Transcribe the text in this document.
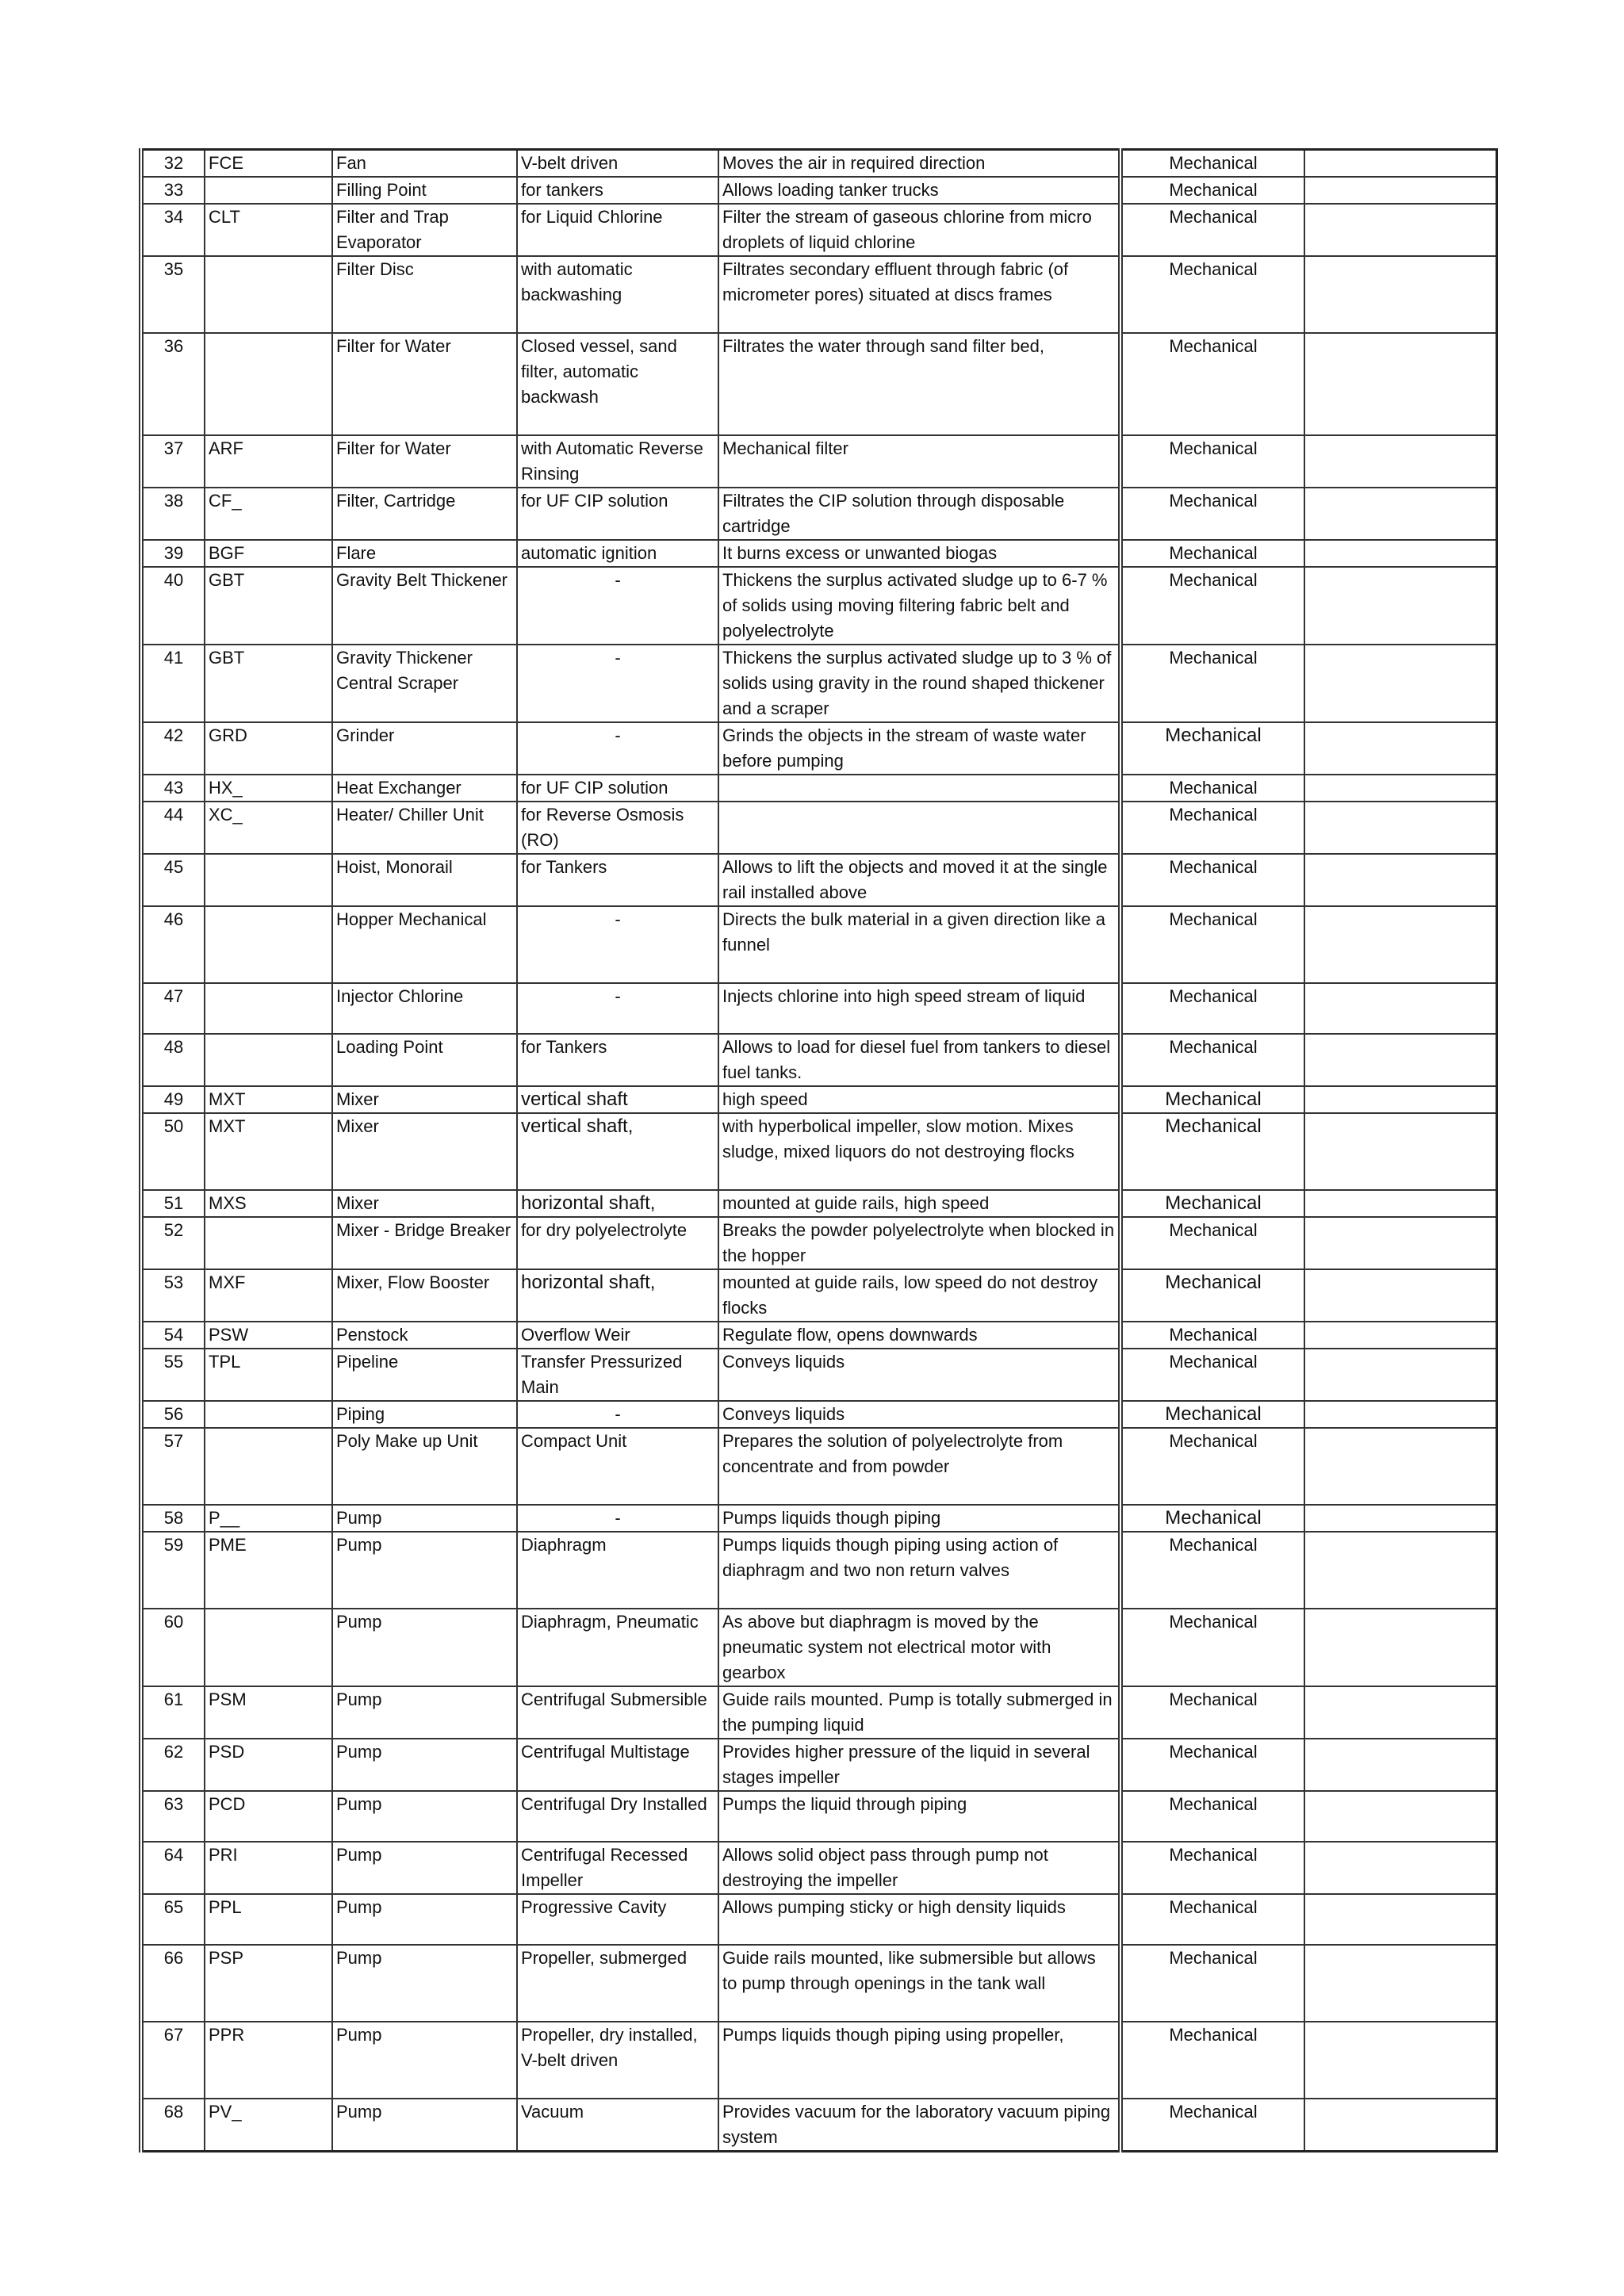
32	FCE	Fan	V-belt driven	Moves the air in required direction	Mechanical	
33		Filling Point	for tankers	Allows loading tanker trucks	Mechanical	
34	CLT	Filter and Trap Evaporator	for Liquid Chlorine	Filter the stream of gaseous chlorine from micro droplets of liquid chlorine	Mechanical	
35		Filter Disc	with automatic backwashing	Filtrates secondary effluent through fabric (of micrometer pores) situated at discs frames	Mechanical	
36		Filter for Water	Closed vessel, sand filter, automatic backwash	Filtrates the water through sand filter bed,	Mechanical	
37	ARF	Filter for Water	with Automatic Reverse Rinsing	Mechanical filter	Mechanical	
38	CF_	Filter, Cartridge	for UF CIP solution	Filtrates the CIP solution through disposable cartridge	Mechanical	
39	BGF	Flare	automatic ignition	It burns excess or unwanted biogas	Mechanical	
40	GBT	Gravity Belt Thickener	-	Thickens the surplus activated sludge up to 6-7 % of solids using moving filtering fabric belt and polyelectrolyte	Mechanical	
41	GBT	Gravity Thickener Central Scraper	-	Thickens the surplus activated sludge up to 3 % of solids using gravity in the round shaped thickener and a scraper	Mechanical	
42	GRD	Grinder	-	Grinds the objects in the stream of waste water before pumping	Mechanical	
43	HX_	Heat Exchanger	for UF CIP solution		Mechanical	
44	XC_	Heater/ Chiller Unit	for Reverse Osmosis (RO)		Mechanical	
45		Hoist, Monorail	for Tankers	Allows to lift the objects and moved it at the single rail installed above	Mechanical	
46		Hopper Mechanical	-	Directs the bulk material in a given direction like a funnel	Mechanical	
47		Injector Chlorine	-	Injects chlorine into high speed stream of liquid	Mechanical	
48		Loading Point	for Tankers	Allows to load for diesel fuel from tankers to diesel fuel tanks.	Mechanical	
49	MXT	Mixer	vertical shaft	high speed	Mechanical	
50	MXT	Mixer	vertical shaft,	with hyperbolical impeller, slow motion. Mixes sludge, mixed liquors do not destroying flocks	Mechanical	
51	MXS	Mixer	horizontal shaft,	mounted at guide rails, high speed	Mechanical	
52		Mixer - Bridge Breaker	for dry polyelectrolyte	Breaks the powder polyelectrolyte when blocked in the hopper	Mechanical	
53	MXF	Mixer, Flow Booster	horizontal shaft,	mounted at guide rails, low speed do not destroy flocks	Mechanical	
54	PSW	Penstock	Overflow Weir	Regulate flow, opens downwards	Mechanical	
55	TPL	Pipeline	Transfer Pressurized Main	Conveys liquids	Mechanical	
56		Piping	-	Conveys liquids	Mechanical	
57		Poly Make up Unit	Compact Unit	Prepares the solution of polyelectrolyte from concentrate and from powder	Mechanical	
58	P__	Pump	-	Pumps liquids though piping	Mechanical	
59	PME	Pump	Diaphragm	Pumps liquids though piping using action of diaphragm and two non return valves	Mechanical	
60		Pump	Diaphragm, Pneumatic	As above but diaphragm is moved by the pneumatic system not electrical motor with gearbox	Mechanical	
61	PSM	Pump	Centrifugal Submersible	Guide rails mounted. Pump is totally submerged in the pumping liquid	Mechanical	
62	PSD	Pump	Centrifugal Multistage	Provides higher pressure of the liquid in several stages impeller	Mechanical	
63	PCD	Pump	Centrifugal Dry Installed	Pumps the liquid through piping	Mechanical	
64	PRI	Pump	Centrifugal Recessed Impeller	Allows solid object pass through pump not destroying the impeller	Mechanical	
65	PPL	Pump	Progressive Cavity	Allows pumping sticky or high density liquids	Mechanical	
66	PSP	Pump	Propeller, submerged	Guide rails mounted, like submersible but allows to pump through openings in the tank wall	Mechanical	
67	PPR	Pump	Propeller, dry installed, V-belt driven	Pumps liquids though piping using propeller,	Mechanical	
68	PV_	Pump	Vacuum	Provides vacuum for the laboratory vacuum piping system	Mechanical	
